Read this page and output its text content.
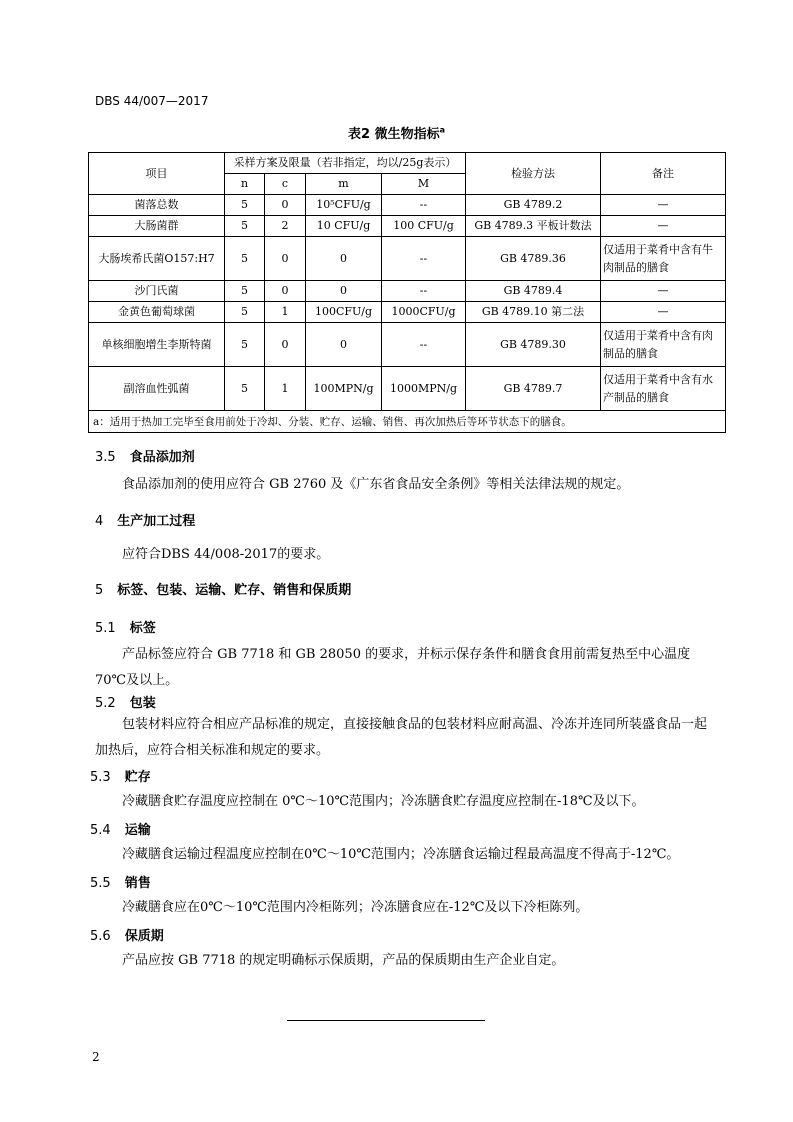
DBS 44/007—2017
表2 微生物指标$^a$
项目	采样方案及限量（若非指定，均以/25g表示）				检验方法	备注
	n	c	m	M		
菌落总数	5	0	10⁵CFU/g	--	GB 4789.2	—
大肠菌群	5	2	10 CFU/g	100 CFU/g	GB 4789.3 平板计数法	—
大肠埃希氏菌O157:H7	5	0	0	--	GB 4789.36	仅适用于菜肴中含有牛肉制品的膳食
沙门氏菌	5	0	0	--	GB 4789.4	—
金黄色葡萄球菌	5	1	100CFU/g	1000CFU/g	GB 4789.10 第二法	—
单核细胞增生李斯特菌	5	0	0	--	GB 4789.30	仅适用于菜肴中含有肉制品的膳食
副溶血性弧菌	5	1	100MPN/g	1000MPN/g	GB 4789.7	仅适用于菜肴中含有水产制品的膳食
a：适用于热加工完毕至食用前处于冷却、分装、贮存、运输、销售、再次加热后等环节状态下的膳食。						
3.5 食品添加剂
食品添加剂的使用应符合 GB 2760 及《广东省食品安全条例》等相关法律法规的规定。
4 生产加工过程
应符合DBS 44/008-2017的要求。
5 标签、包装、运输、贮存、销售和保质期
5.1 标签
产品标签应符合 GB 7718 和 GB 28050 的要求，并标示保存条件和膳食食用前需复热至中心温度70℃及以上。
5.2 包装
包装材料应符合相应产品标准的规定，直接接触食品的包装材料应耐高温、冷冻并连同所装盛食品一起加热后，应符合相关标准和规定的要求。
5.3 贮存
冷藏膳食贮存温度应控制在 0℃～10℃范围内；冷冻膳食贮存温度应控制在-18℃及以下。
5.4 运输
冷藏膳食运输过程温度应控制在0℃～10℃范围内；冷冻膳食运输过程最高温度不得高于-12℃。
5.5 销售
冷藏膳食应在0℃～10℃范围内冷柜陈列；冷冻膳食应在-12℃及以下冷柜陈列。
5.6 保质期
产品应按 GB 7718 的规定明确标示保质期，产品的保质期由生产企业自定。
2
